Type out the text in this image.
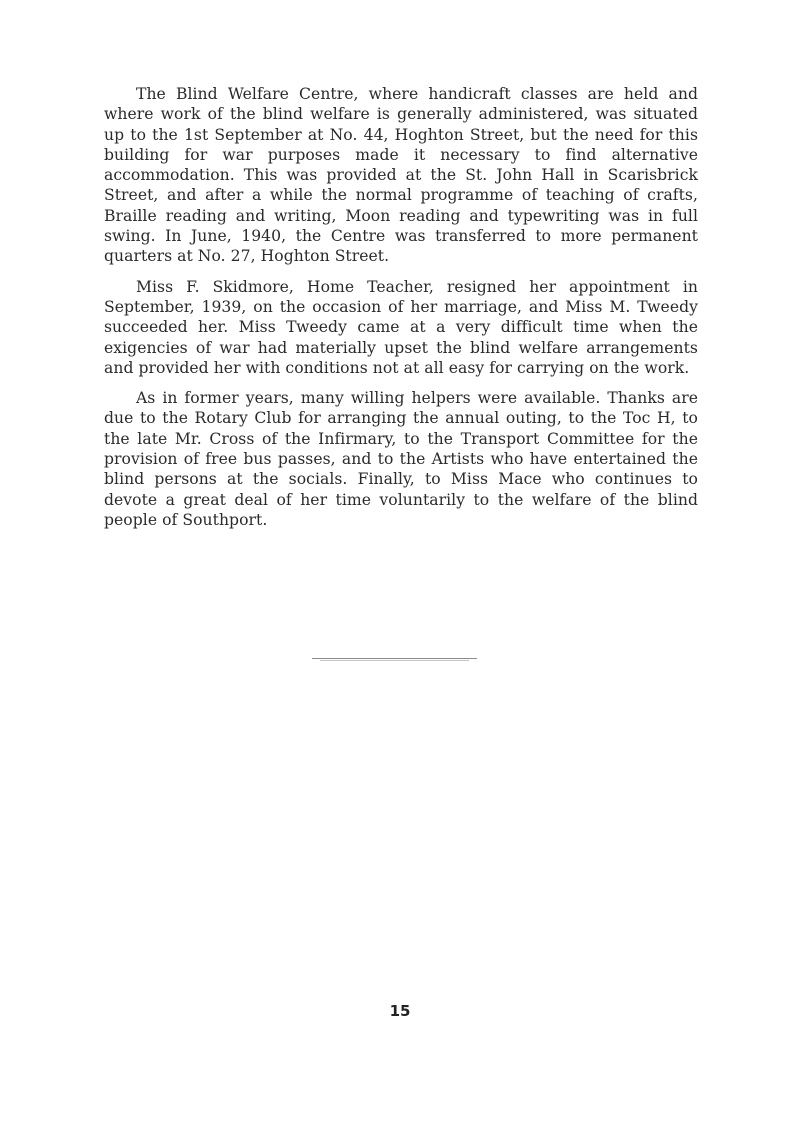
The Blind Welfare Centre, where handicraft classes are held and where work of the blind welfare is generally administered, was situated up to the 1st September at No. 44, Hoghton Street, but the need for this building for war purposes made it necessary to find alternative accommodation. This was provided at the St. John Hall in Scarisbrick Street, and after a while the normal programme of teaching of crafts, Braille reading and writing, Moon reading and typewriting was in full swing. In June, 1940, the Centre was transferred to more permanent quarters at No. 27, Hoghton Street.

Miss F. Skidmore, Home Teacher, resigned her appointment in September, 1939, on the occasion of her marriage, and Miss M. Tweedy succeeded her. Miss Tweedy came at a very difficult time when the exigencies of war had materially upset the blind welfare arrangements and provided her with conditions not at all easy for carrying on the work.

As in former years, many willing helpers were available. Thanks are due to the Rotary Club for arranging the annual outing, to the Toc H, to the late Mr. Cross of the Infirmary, to the Transport Committee for the provision of free bus passes, and to the Artists who have entertained the blind persons at the socials. Finally, to Miss Mace who continues to devote a great deal of her time voluntarily to the welfare of the blind people of Southport.

15
